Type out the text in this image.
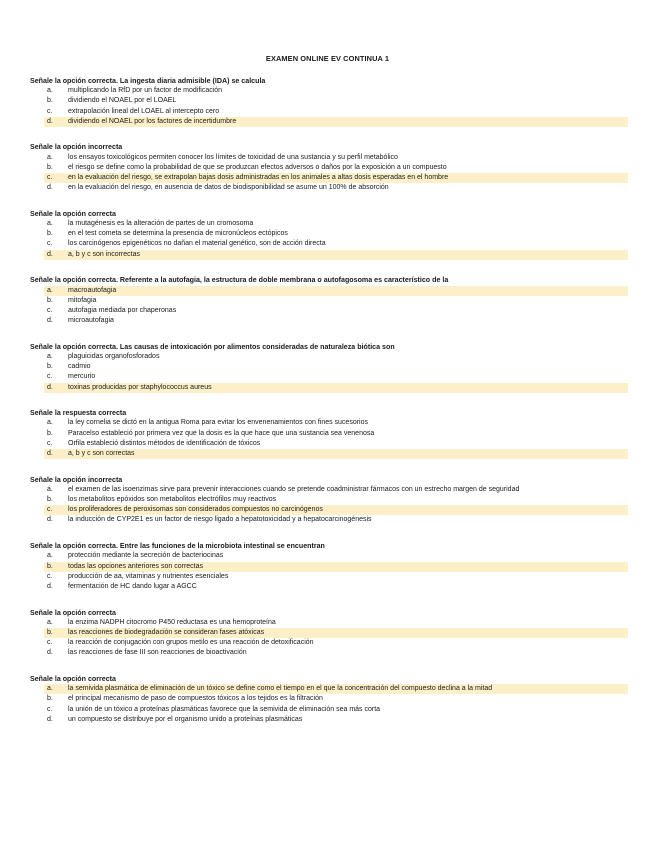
EXAMEN ONLINE EV CONTINUA 1
Señale la opción correcta. La ingesta diaria admisible (IDA) se calcula
a.	multiplicando la RfD por un factor de modificación
b.	dividiendo el NOAEL por el LOAEL
c.	extrapolación lineal del LOAEL al intercepto cero
d.	dividiendo el NOAEL por los factores de incertidumbre
Señale la opción incorrecta
a.	los ensayos toxicológicos permiten conocer los límites de toxicidad de una sustancia y su perfil metabólico
b.	el riesgo se define como la probabilidad de que se produzcan efectos adversos o daños por la exposición a un compuesto
c.	en la evaluación del riesgo, se extrapolan bajas dosis administradas en los animales a altas dosis esperadas en el hombre
d.	en la evaluación del riesgo, en ausencia de datos de biodisponibilidad se asume un 100% de absorción
Señale la opción correcta
a.	la mutagénesis es la alteración de partes de un cromosoma
b.	en el test cometa se determina la presencia de micronúcleos ectópicos
c.	los carcinógenos epigenéticos no dañan el material genético, son de acción directa
d.	a, b y c son incorrectas
Señale la opción correcta. Referente a la autofagia, la estructura de doble membrana o autofagosoma es característico de la
a.	macroautofagia
b.	mitofagia
c.	autofagia mediada por chaperonas
d.	microautofagia
Señale la opción correcta. Las causas de intoxicación por alimentos consideradas de naturaleza biótica son
a.	plaguicidas organofosforados
b.	cadmio
c.	mercurio
d.	toxinas producidas por staphylococcus aureus
Señale la respuesta correcta
a.	la ley cornelia se dictó en la antigua Roma para evitar los envenenamientos con fines sucesorios
b.	Paracelso estableció por primera vez que la dosis es la que hace que una sustancia sea venenosa
c.	Orfila estableció distintos métodos de identificación de tóxicos
d.	a, b y c son correctas
Señale la opción incorrecta
a.	el examen de las isoenzimas sirve para prevenir interacciones cuando se pretende coadministrar fármacos con un estrecho margen de seguridad
b.	los metabolitos epóxidos son metabolitos electrófilos muy reactivos
c.	los proliferadores de peroxisomas son considerados compuestos no carcinógenos
d.	la inducción de CYP2E1 es un factor de riesgo ligado a hepatotoxicidad y a hepatocarcinogénesis
Señale la opción correcta. Entre las funciones de la microbiota intestinal se encuentran
a.	protección mediante la secreción de bacteriocinas
b.	todas las opciones anteriores son correctas
c.	producción de aa, vitaminas y nutrientes esenciales
d.	fermentación de HC dando lugar a AGCC
Señale la opción correcta
a.	la enzima NADPH citocromo P450 reductasa es una hemoproteína
b.	las reacciones de biodegradación se consideran fases atóxicas
c.	la reacción de conjugación con grupos metilo es una reacción de detoxificación
d.	las reacciones de fase III son reacciones de bioactivación
Señale la opción correcta
a.	la semivida plasmática de eliminación de un tóxico se define como el tiempo en el que la concentración del compuesto declina a la mitad
b.	el principal mecanismo de paso de compuestos tóxicos a los tejidos es la filtración
c.	la unión de un tóxico a proteínas plasmáticas favorece que la semivida de eliminación sea más corta
d.	un compuesto se distribuye por el organismo unido a proteínas plasmáticas
